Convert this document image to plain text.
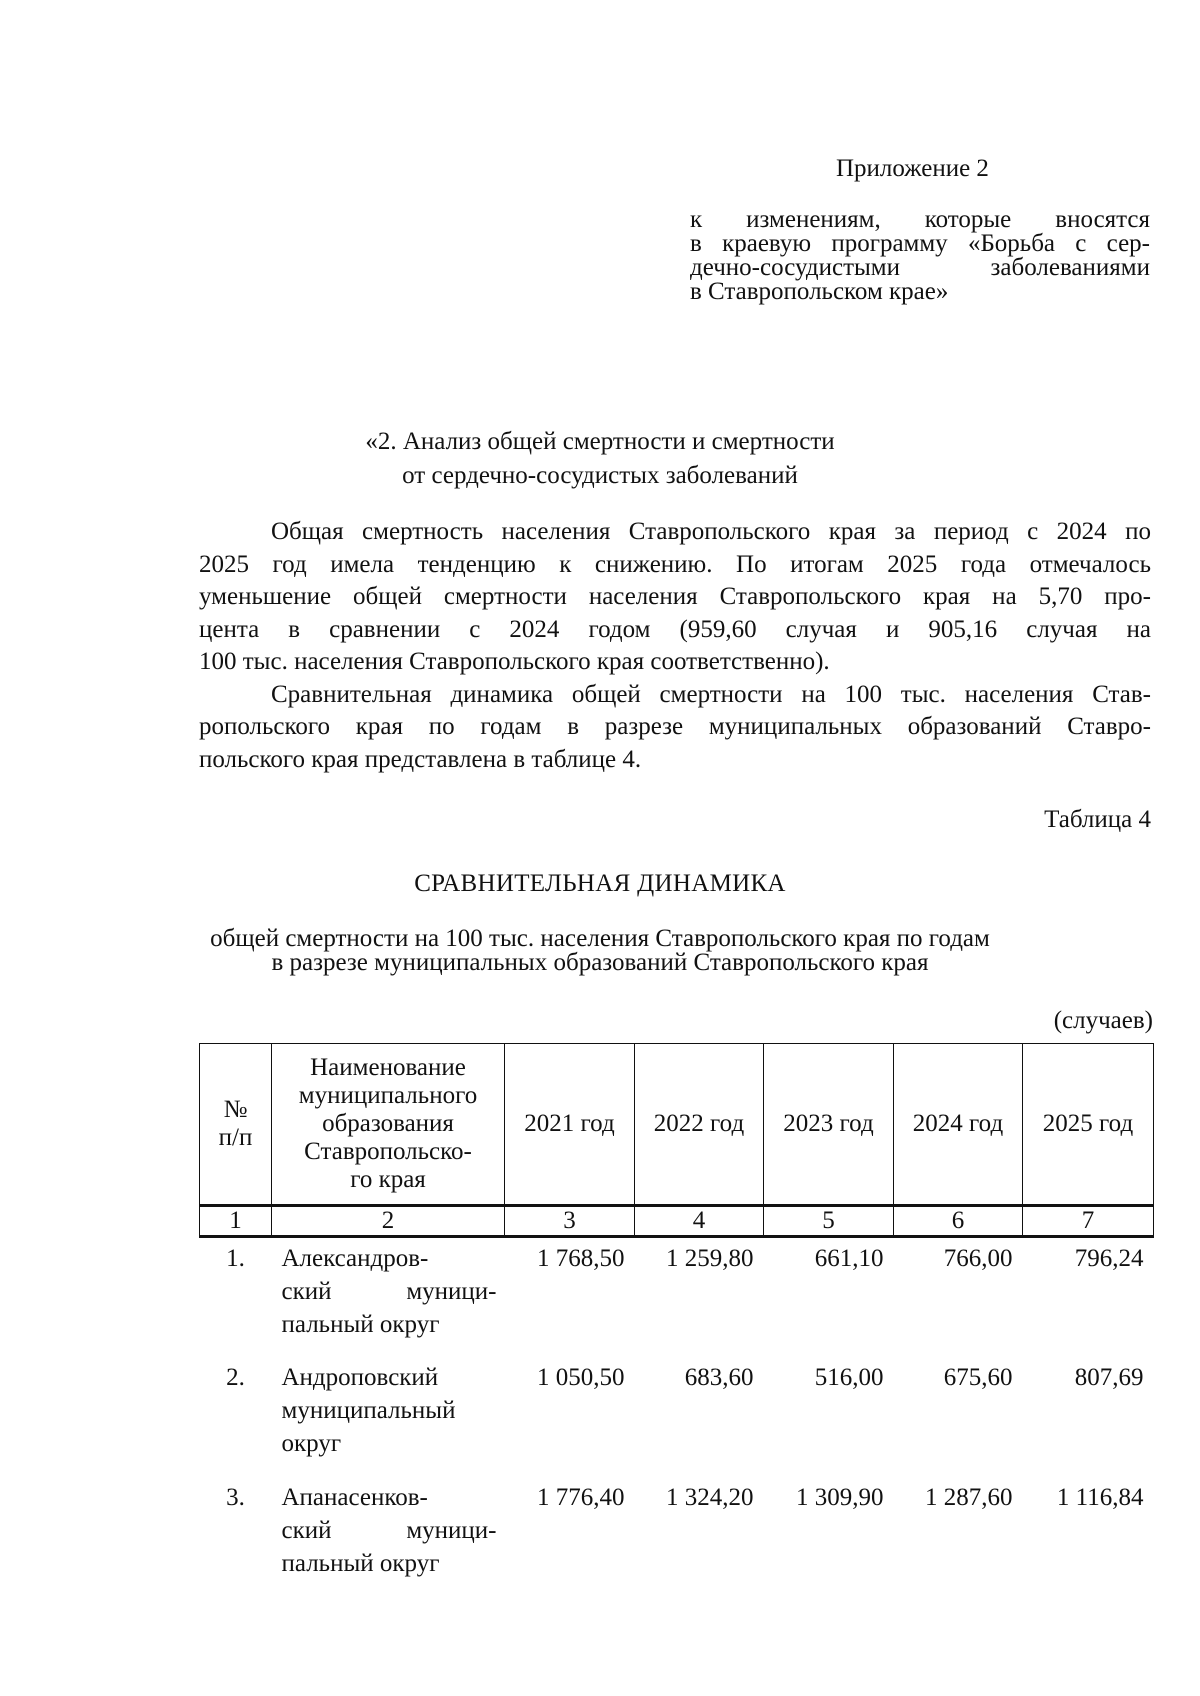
Приложение 2
к изменениям, которые вносятся
в краевую программу «Борьба с сер-
дечно-сосудистыми заболеваниями
в Ставропольском крае»
«2. Анализ общей смертности и смертности
от сердечно-сосудистых заболеваний
Общая смертность населения Ставропольского края за период с 2024 по
2025 год имела тенденцию к снижению. По итогам 2025 года отмечалось
уменьшение общей смертности населения Ставропольского края на 5,70 про-
цента в сравнении с 2024 годом (959,60 случая и 905,16 случая на
100 тыс. населения Ставропольского края соответственно).
Сравнительная динамика общей смертности на 100 тыс. населения Став-
ропольского края по годам в разрезе муниципальных образований Ставро-
польского края представлена в таблице 4.
Таблица 4
СРАВНИТЕЛЬНАЯ ДИНАМИКА
общей смертности на 100 тыс. населения Ставропольского края по годам
в разрезе муниципальных образований Ставропольского края
(случаев)
№
п/п	Наименование
муниципального
образования
Ставропольско-
го края	2021 год	2022 год	2023 год	2024 год	2025 год
1	2	3	4	5	6	7
1.	Александров-
ский муници-
пальный округ	1 768,50	1 259,80	661,10	766,00	796,24
2.	Андроповский
муниципальный
округ	1 050,50	683,60	516,00	675,60	807,69
3.	Апанасенков-
ский муници-
пальный округ	1 776,40	1 324,20	1 309,90	1 287,60	1 116,84
